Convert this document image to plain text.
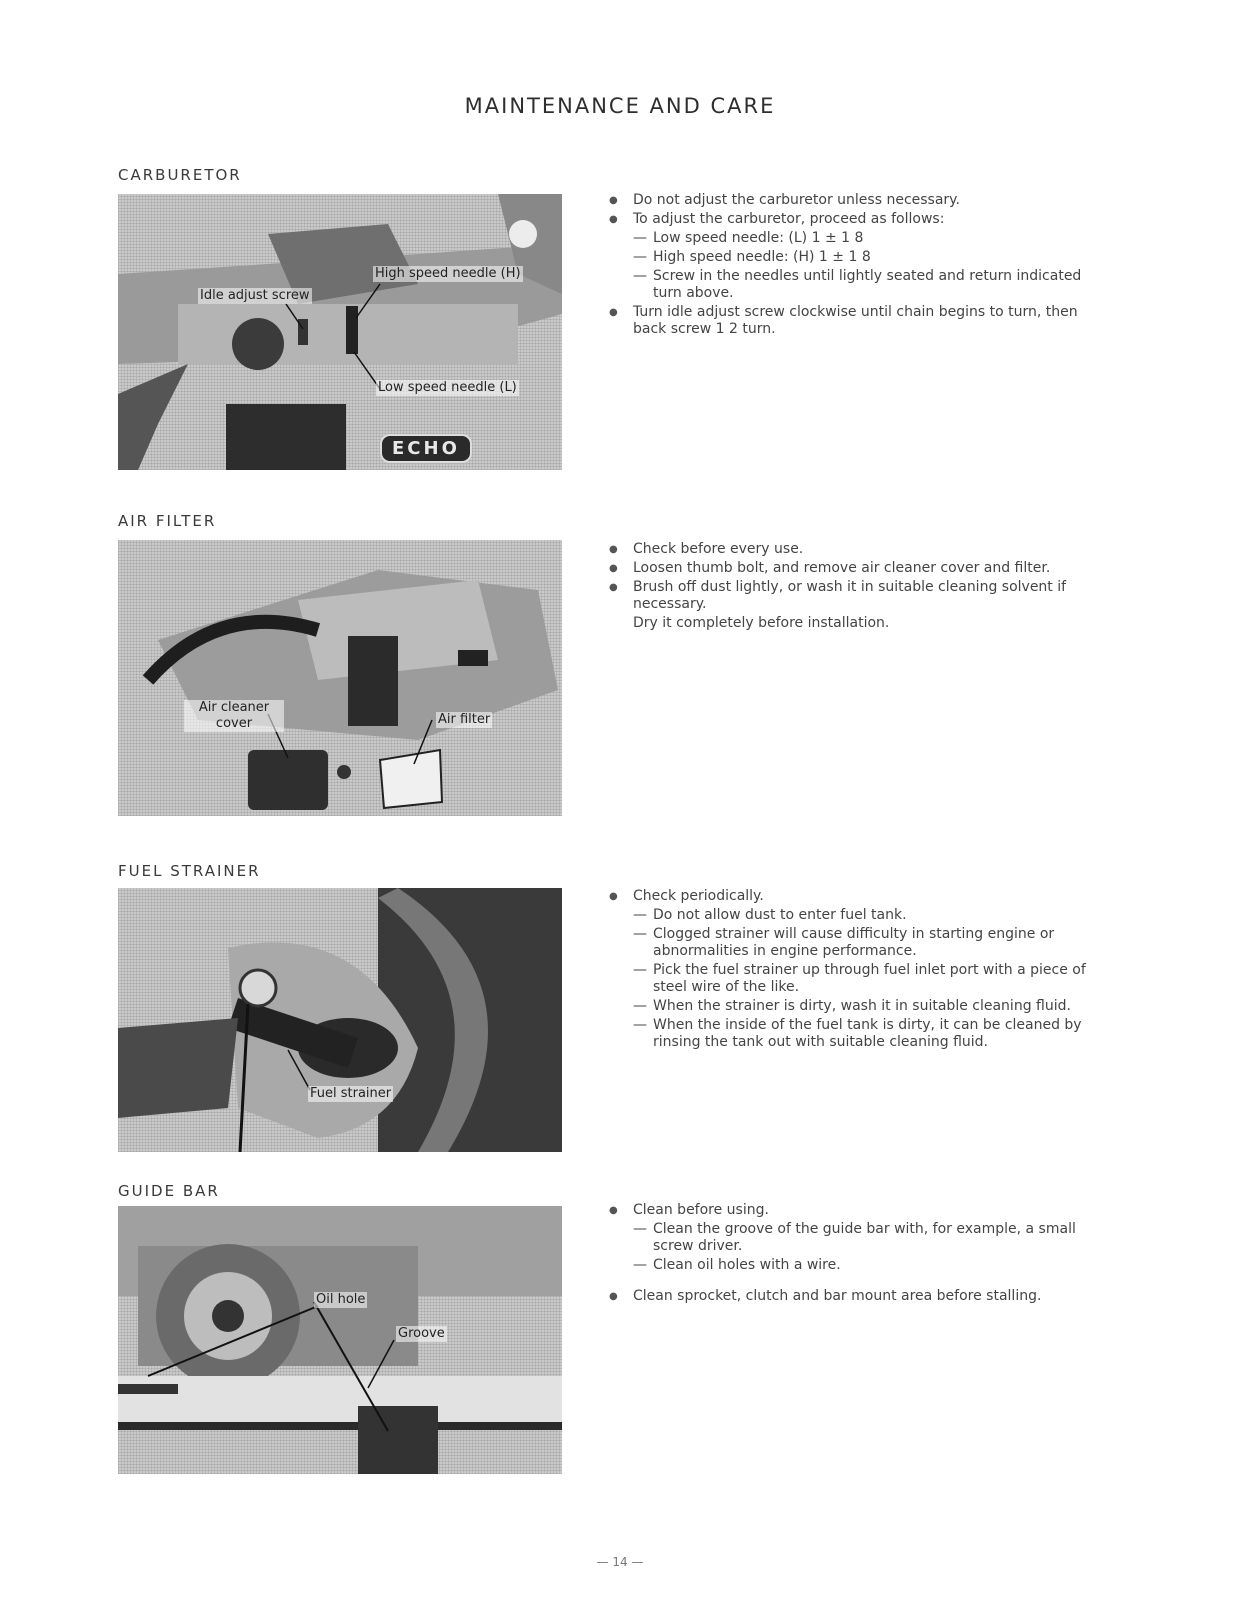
MAINTENANCE AND CARE
CARBURETOR
Idle adjust screw
High speed needle (H)
Low speed needle (L)
ECHO
● Do not adjust the carburetor unless necessary.
● To adjust the carburetor, proceed as follows:
— Low speed needle: (L) 1 ± 1 8
— High speed needle: (H) 1 ± 1 8
— Screw in the needles until lightly seated and return indicated turn above.
● Turn idle adjust screw clockwise until chain begins to turn, then back screw 1 2 turn.
AIR FILTER
Air cleaner cover	Air filter
● Check before every use.
● Loosen thumb bolt, and remove air cleaner cover and filter.
● Brush off dust lightly, or wash it in suitable cleaning solvent if necessary.
Dry it completely before installation.
FUEL STRAINER
Fuel strainer
● Check periodically.
— Do not allow dust to enter fuel tank.
— Clogged strainer will cause difficulty in starting engine or abnormalities in engine performance.
— Pick the fuel strainer up through fuel inlet port with a piece of steel wire of the like.
— When the strainer is dirty, wash it in suitable cleaning fluid.
— When the inside of the fuel tank is dirty, it can be cleaned by rinsing the tank out with suitable cleaning fluid.
GUIDE BAR
Oil hole
Groove
● Clean before using.
— Clean the groove of the guide bar with, for example, a small screw driver.
— Clean oil holes with a wire.
● Clean sprocket, clutch and bar mount area before stalling.
— 14 —
